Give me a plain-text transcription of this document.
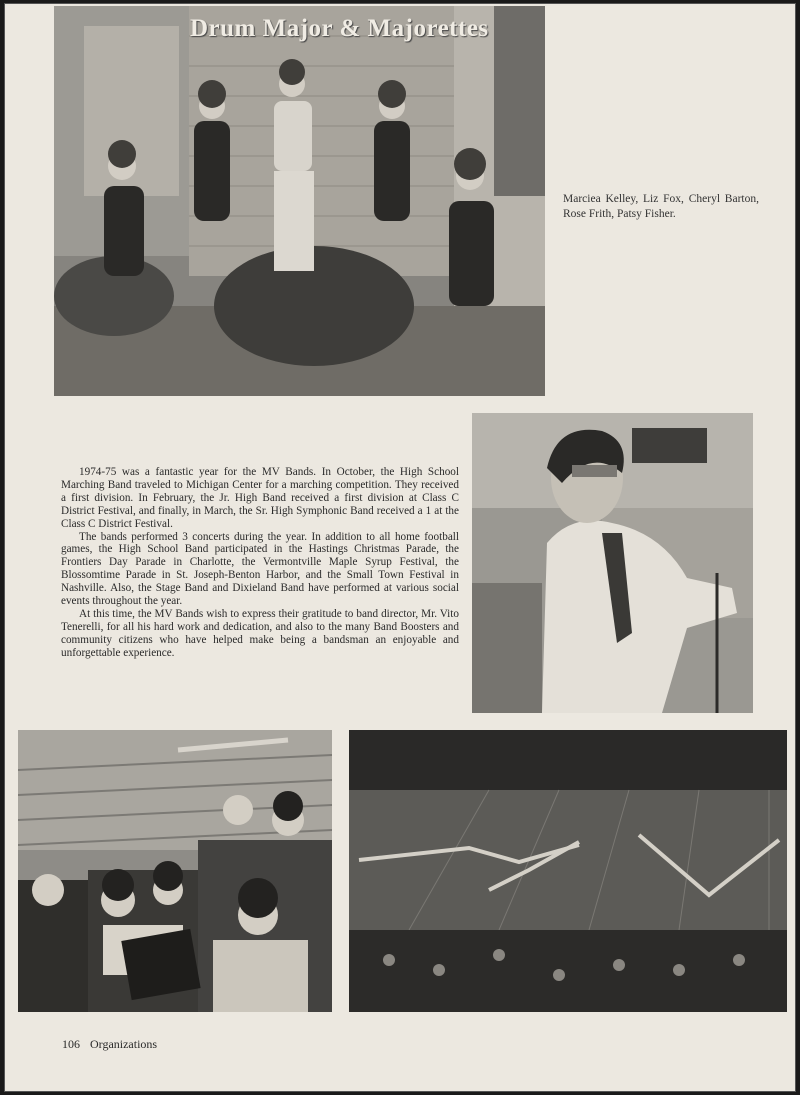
Drum Major & Majorettes
Marciea Kelley, Liz Fox, Cheryl Barton, Rose Frith, Patsy Fisher.

1974-75 was a fantastic year for the MV Bands. In October, the High School Marching Band traveled to Michigan Center for a marching competition. They received a first division. In February, the Jr. High Band received a first division at Class C District Festival, and finally, in March, the Sr. High Symphonic Band received a 1 at the Class C District Festival.

The bands performed 3 concerts during the year. In addition to all home football games, the High School Band participated in the Hastings Christmas Parade, the Frontiers Day Parade in Charlotte, the Vermontville Maple Syrup Festival, the Blossomtime Parade in St. Joseph-Benton Harbor, and the Small Town Festival in Nashville. Also, the Stage Band and Dixieland Band have performed at various social events throughout the year.

At this time, the MV Bands wish to express their gratitude to band director, Mr. Vito Tenerelli, for all his hard work and dedication, and also to the many Band Boosters and community citizens who have helped make being a bandsman an enjoyable and unforgettable experience.

106 Organizations
